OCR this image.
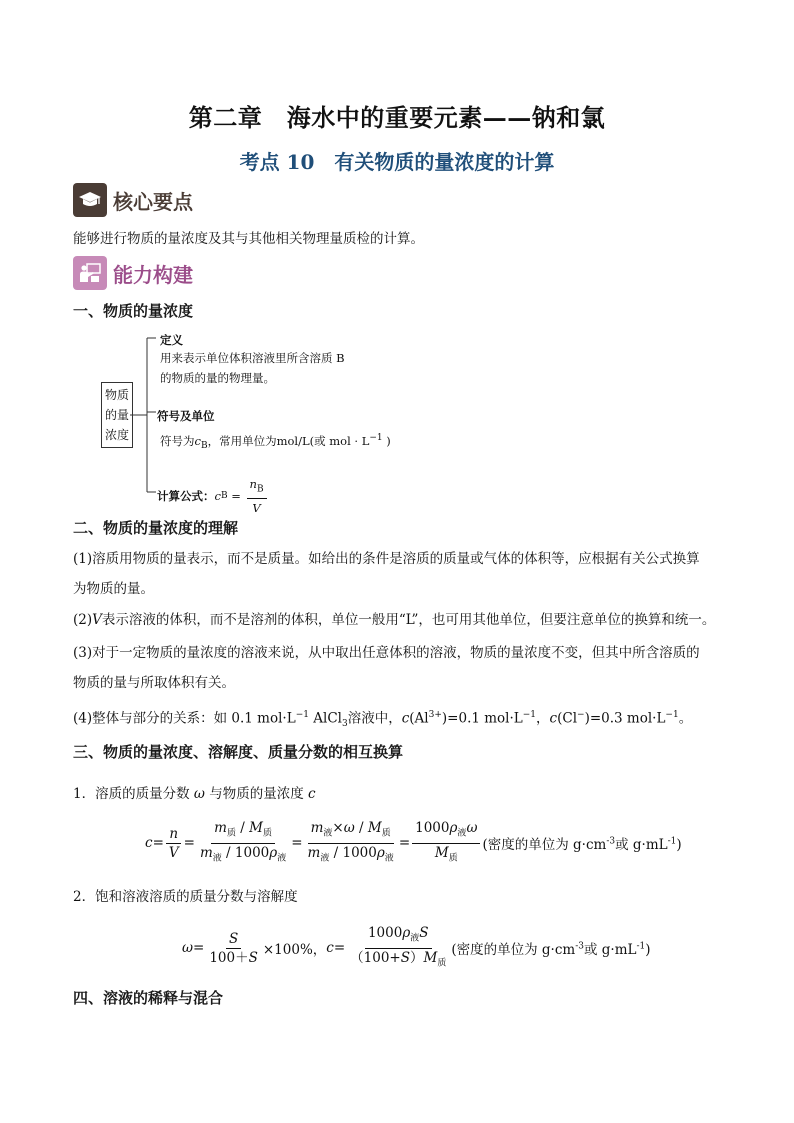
第二章　海水中的重要元素——钠和氯
考点 10　有关物质的量浓度的计算
核心要点
能够进行物质的量浓度及其与其他相关物理量质检的计算。
能力构建
一、物质的量浓度
物质
的量
浓度
定义
用来表示单位体积溶液里所含溶质 B
的物质的量的物理量。
符号及单位
符号为$c_B$，常用单位为mol/L(或 mol · $L^{-1}$ )
计算公式： c $B = \frac{n_B}{V}$
二、物质的量浓度的理解
(1)溶质用物质的量表示，而不是质量。如给出的条件是溶质的质量或气体的体积等，应根据有关公式换算
为物质的量。
(2)V表示溶液的体积，而不是溶剂的体积，单位一般用“L”，也可用其他单位，但要注意单位的换算和统一。
(3)对于一定物质的量浓度的溶液来说，从中取出任意体积的溶液，物质的量浓度不变，但其中所含溶质的
物质的量与所取体积有关。
(4)整体与部分的关系：如 0.1 $mol\cdot L^{-1}$ AlCl$_3$溶液中，$c(Al^{3+})=0.1$ $mol\cdot L^{-1}$，c(Cl−)=0.3 $mol\cdot L^{-1}$。
三、物质的量浓度、溶解度、质量分数的相互换算
1．溶质的质量分数 ω 与物质的量浓度 c
$c = \frac{n}{V} = \frac{m_质 / M_质}{m_液 / 1000\rho_液} = \frac{m_液\times\omega / M_质}{m_液 / 1000\rho_液} = \frac{1000\rho_液\omega}{M_质}$ (密度的单位为 $g\cdot cm^{-3}$或 $g\cdot mL^{-1}$)
2．饱和溶液溶质的质量分数与溶解度
$\omega = \frac{S}{100+S} \times 100\%$， $c = \frac{1000\rho_液S}{(100+S)M_质}$ (密度的单位为 $g\cdot cm^{-3}$或 $g\cdot mL^{-1}$)
四、溶液的稀释与混合
